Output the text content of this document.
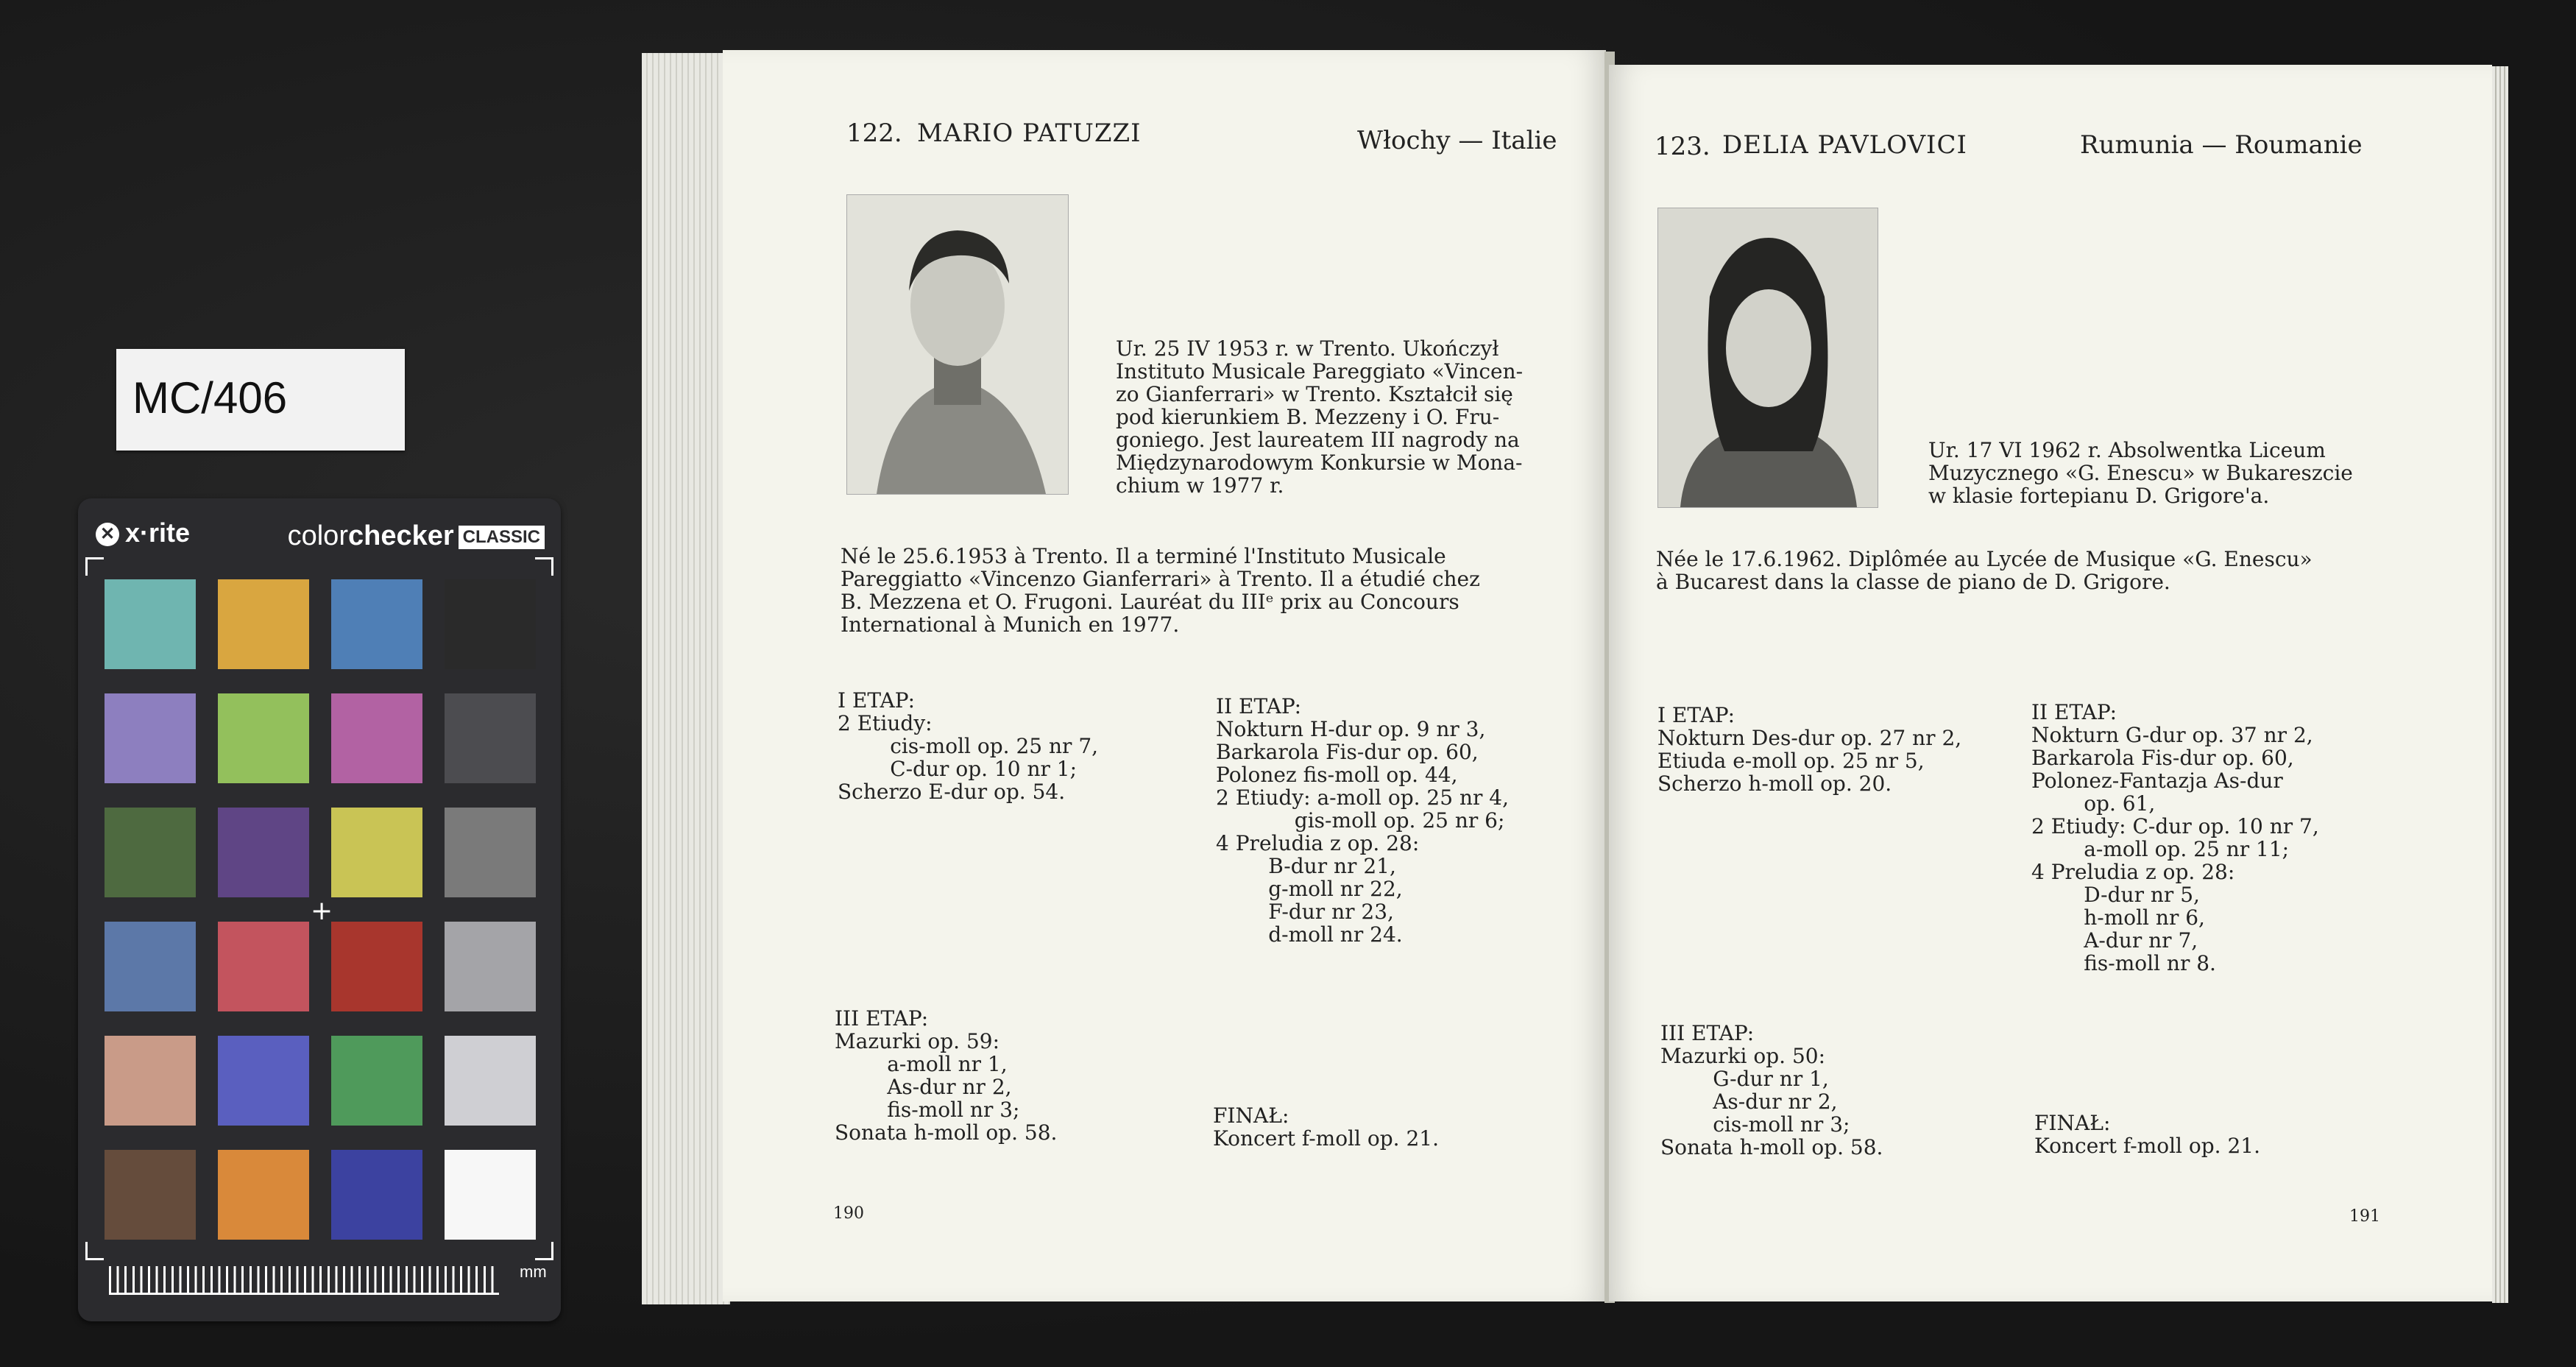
MC/406
✕ x·rite	colorchecker CLASSIC
+
mm
122. MARIO PATUZZI	Włochy — Italie
Ur. 25 IV 1953 r. w Trento. Ukończył
Instituto Musicale Pareggiato «Vincen-
zo Gianferrari» w Trento. Kształcił się
pod kierunkiem B. Mezzeny i O. Fru-
goniego. Jest laureatem III nagrody na
Międzynarodowym Konkursie w Mona-
chium w 1977 r.
Né le 25.6.1953 à Trento. Il a terminé l'Instituto Musicale
Pareggiatto «Vincenzo Gianferrari» à Trento. Il a étudié chez
B. Mezzena et O. Frugoni. Lauréat du IIIᵉ prix au Concours
International à Munich en 1977.
I ETAP:
2 Etiudy:
cis-moll op. 25 nr 7,
C-dur op. 10 nr 1;
Scherzo E-dur op. 54.
II ETAP:
Nokturn H-dur op. 9 nr 3,
Barkarola Fis-dur op. 60,
Polonez fis-moll op. 44,
2 Etiudy: a-moll op. 25 nr 4,
gis-moll op. 25 nr 6;
4 Preludia z op. 28:
B-dur nr 21,
g-moll nr 22,
F-dur nr 23,
d-moll nr 24.
III ETAP:
Mazurki op. 59:
a-moll nr 1,
As-dur nr 2,
fis-moll nr 3;
Sonata h-moll op. 58.
FINAŁ:
Koncert f-moll op. 21.
190
123. DELIA PAVLOVICI	Rumunia — Roumanie
Ur. 17 VI 1962 r. Absolwentka Liceum
Muzycznego «G. Enescu» w Bukareszcie
w klasie fortepianu D. Grigore'a.
Née le 17.6.1962. Diplômée au Lycée de Musique «G. Enescu»
à Bucarest dans la classe de piano de D. Grigore.
I ETAP:
Nokturn Des-dur op. 27 nr 2,
Etiuda e-moll op. 25 nr 5,
Scherzo h-moll op. 20.
II ETAP:
Nokturn G-dur op. 37 nr 2,
Barkarola Fis-dur op. 60,
Polonez-Fantazja As-dur
op. 61,
2 Etiudy: C-dur op. 10 nr 7,
a-moll op. 25 nr 11;
4 Preludia z op. 28:
D-dur nr 5,
h-moll nr 6,
A-dur nr 7,
fis-moll nr 8.
III ETAP:
Mazurki op. 50:
G-dur nr 1,
As-dur nr 2,
cis-moll nr 3;
Sonata h-moll op. 58.
FINAŁ:
Koncert f-moll op. 21.
191
